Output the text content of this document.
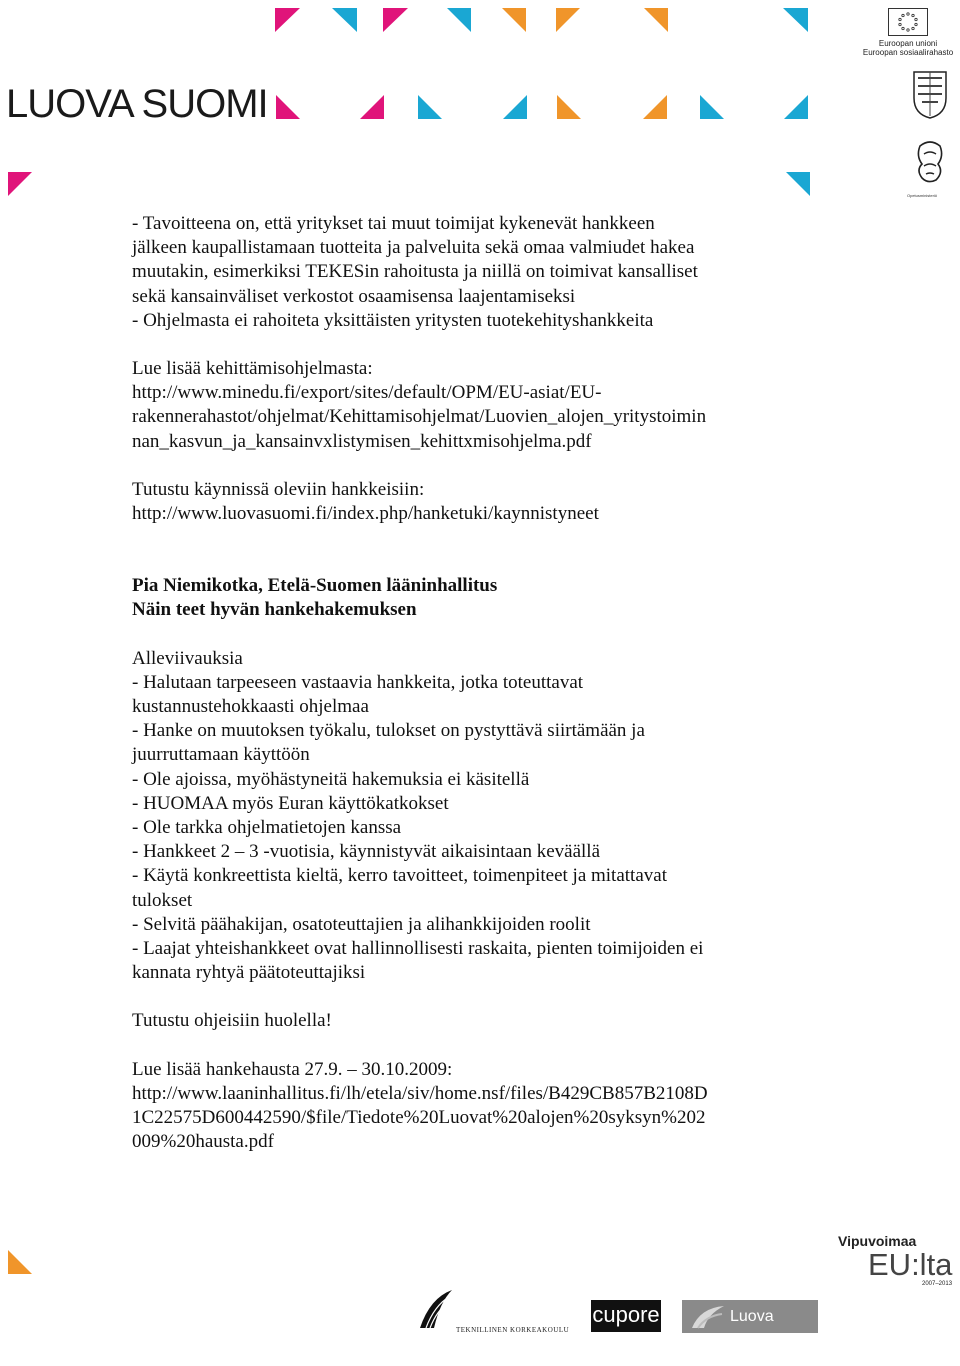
LUOVA SUOMI
Euroopan unioni
Euroopan sosiaalirahasto
Opetusministeriö

- Tavoitteena on, että yritykset tai muut toimijat kykenevät hankkeen

jälkeen kaupallistamaan tuotteita ja palveluita sekä omaa valmiudet hakea

muutakin, esimerkiksi TEKESin rahoitusta ja niillä on toimivat kansalliset

sekä kansainväliset verkostot osaamisensa laajentamiseksi

- Ohjelmasta ei rahoiteta yksittäisten yritysten tuotekehityshankkeita

Lue lisää kehittämisohjelmasta:

http://www.minedu.fi/export/sites/default/OPM/EU-asiat/EU-

rakennerahastot/ohjelmat/Kehittamisohjelmat/Luovien_alojen_yritystoimin

nan_kasvun_ja_kansainvxlistymisen_kehittxmisohjelma.pdf

Tutustu käynnissä oleviin hankkeisiin:

http://www.luovasuomi.fi/index.php/hanketuki/kaynnistyneet

Pia Niemikotka, Etelä-Suomen lääninhallitus

Näin teet hyvän hankehakemuksen

Alleviivauksia

- Halutaan tarpeeseen vastaavia hankkeita, jotka toteuttavat

kustannustehokkaasti ohjelmaa

- Hanke on muutoksen työkalu, tulokset on pystyttävä siirtämään ja

juurruttamaan käyttöön

- Ole ajoissa, myöhästyneitä hakemuksia ei käsitellä

- HUOMAA myös Euran käyttökatkokset

- Ole tarkka ohjelmatietojen kanssa

- Hankkeet 2 – 3 -vuotisia, käynnistyvät aikaisintaan keväällä

- Käytä konkreettista kieltä, kerro tavoitteet, toimenpiteet ja mitattavat

tulokset

- Selvitä päähakijan, osatoteuttajien ja alihankkijoiden roolit

- Laajat yhteishankkeet ovat hallinnollisesti raskaita, pienten toimijoiden ei

kannata ryhtyä päätoteuttajiksi

Tutustu ohjeisiin huolella!

Lue lisää hankehausta 27.9. – 30.10.2009:

http://www.laaninhallitus.fi/lh/etela/siv/home.nsf/files/B429CB857B2108D

1C22575D600442590/$file/Tiedote%20Luovat%20alojen%20syksyn%202

009%20hausta.pdf

Vipuvoimaa
EU:lta
2007–2013
TEKNILLINEN KORKEAKOULU
cupore	Luova Tampere
